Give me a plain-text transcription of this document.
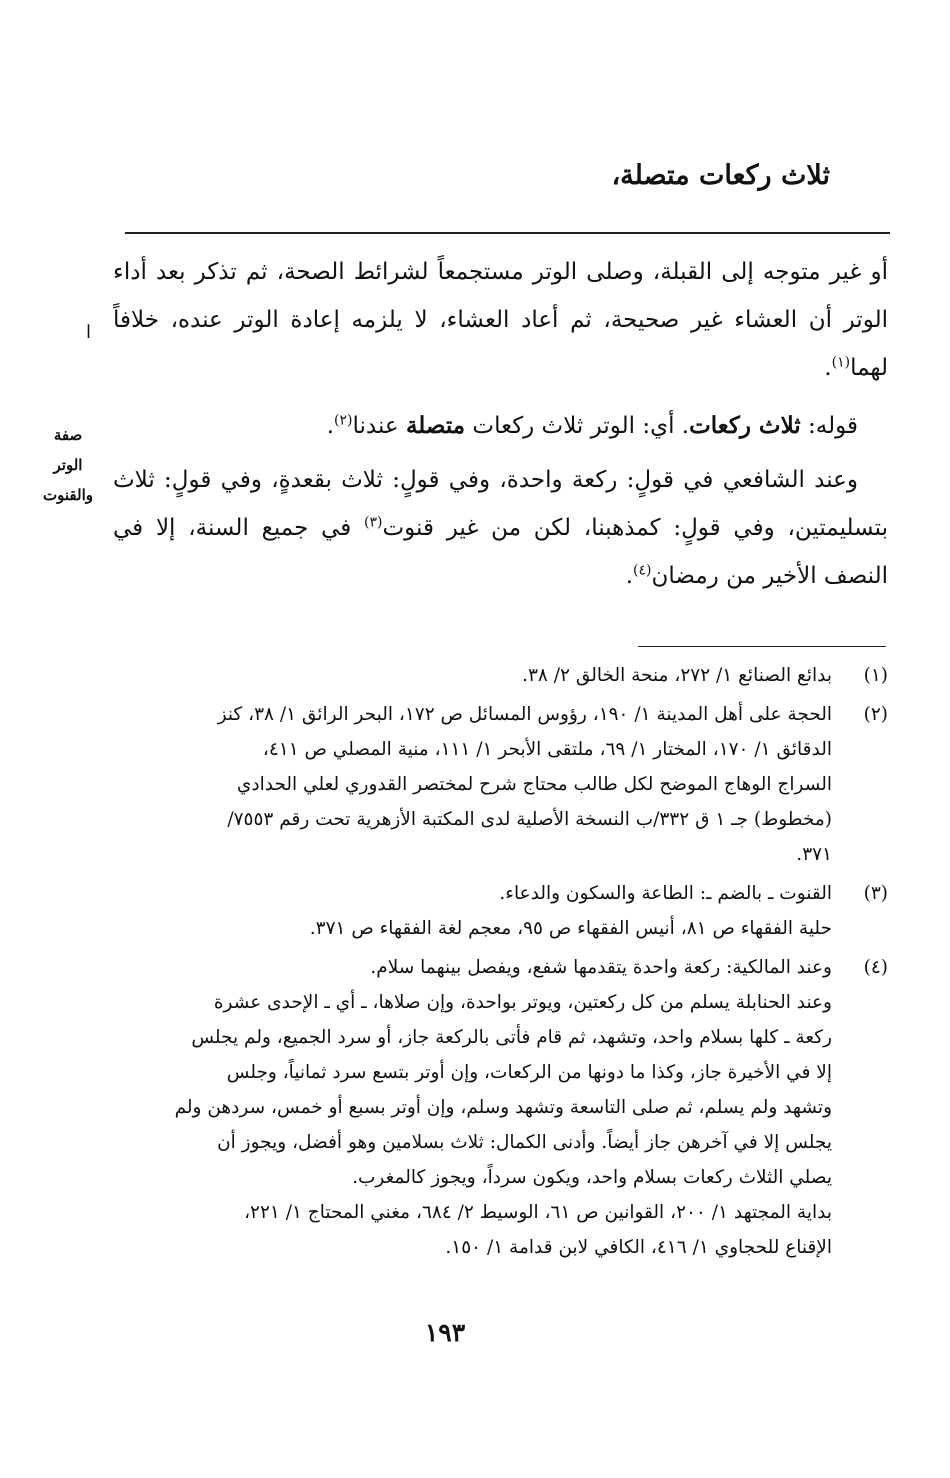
ثلاث ركعات متصلة،
ا
صفة
الوتر
والقنوت

أو غير متوجه إلى القبلة، وصلى الوتر مستجمعاً لشرائط الصحة، ثم تذكر بعد أداء الوتر أن العشاء غير صحيحة، ثم أعاد العشاء، لا يلزمه إعادة الوتر عنده، خلافاً لهما$^{(١)}$.

قوله: ثلاث ركعات. أي: الوتر ثلاث ركعات متصلة عندنا$^{(٢)}$.

وعند الشافعي في قولٍ: ركعة واحدة، وفي قولٍ: ثلاث بقعدةٍ، وفي قولٍ: ثلاث بتسليمتين، وفي قولٍ: كمذهبنا، لكن من غير قنوت$^{(٣)}$ في جميع السنة، إلا في النصف الأخير من رمضان$^{(٤)}$.

(١)
بدائع الصنائع ١/ ٢٧٢، منحة الخالق ٢/ ٣٨.
(٢)
الحجة على أهل المدينة ١/ ١٩٠، رؤوس المسائل ص ١٧٢، البحر الرائق ١/ ٣٨، كنز
الدقائق ١/ ١٧٠، المختار ١/ ٦٩، ملتقى الأبحر ١/ ١١١، منية المصلي ص ٤١١،
السراج الوهاج الموضح لكل طالب محتاج شرح لمختصر القدوري لعلي الحدادي
(مخطوط) جـ ١ ق ٣٣٢/ب النسخة الأصلية لدى المكتبة الأزهرية تحت رقم ٧٥٥٣/
٣٧١.
(٣)
القنوت ـ بالضم ـ: الطاعة والسكون والدعاء.
حلية الفقهاء ص ٨١، أنيس الفقهاء ص ٩٥، معجم لغة الفقهاء ص ٣٧١.
(٤)
وعند المالكية: ركعة واحدة يتقدمها شفع، ويفصل بينهما سلام.
وعند الحنابلة يسلم من كل ركعتين، ويوتر بواحدة، وإن صلاها، ـ أي ـ الإحدى عشرة
ركعة ـ كلها بسلام واحد، وتشهد، ثم قام فأتى بالركعة جاز، أو سرد الجميع، ولم يجلس
إلا في الأخيرة جاز، وكذا ما دونها من الركعات، وإن أوتر بتسع سرد ثمانياً، وجلس
وتشهد ولم يسلم، ثم صلى التاسعة وتشهد وسلم، وإن أوتر بسبع أو خمس، سردهن ولم
يجلس إلا في آخرهن جاز أيضاً. وأدنى الكمال: ثلاث بسلامين وهو أفضل، ويجوز أن
يصلي الثلاث ركعات بسلام واحد، ويكون سرداً، ويجوز كالمغرب.
بداية المجتهد ١/ ٢٠٠، القوانين ص ٦١، الوسيط ٢/ ٦٨٤، مغني المحتاج ١/ ٢٢١،
الإقناع للحجاوي ١/ ٤١٦، الكافي لابن قدامة ١/ ١٥٠.
١٩٣
